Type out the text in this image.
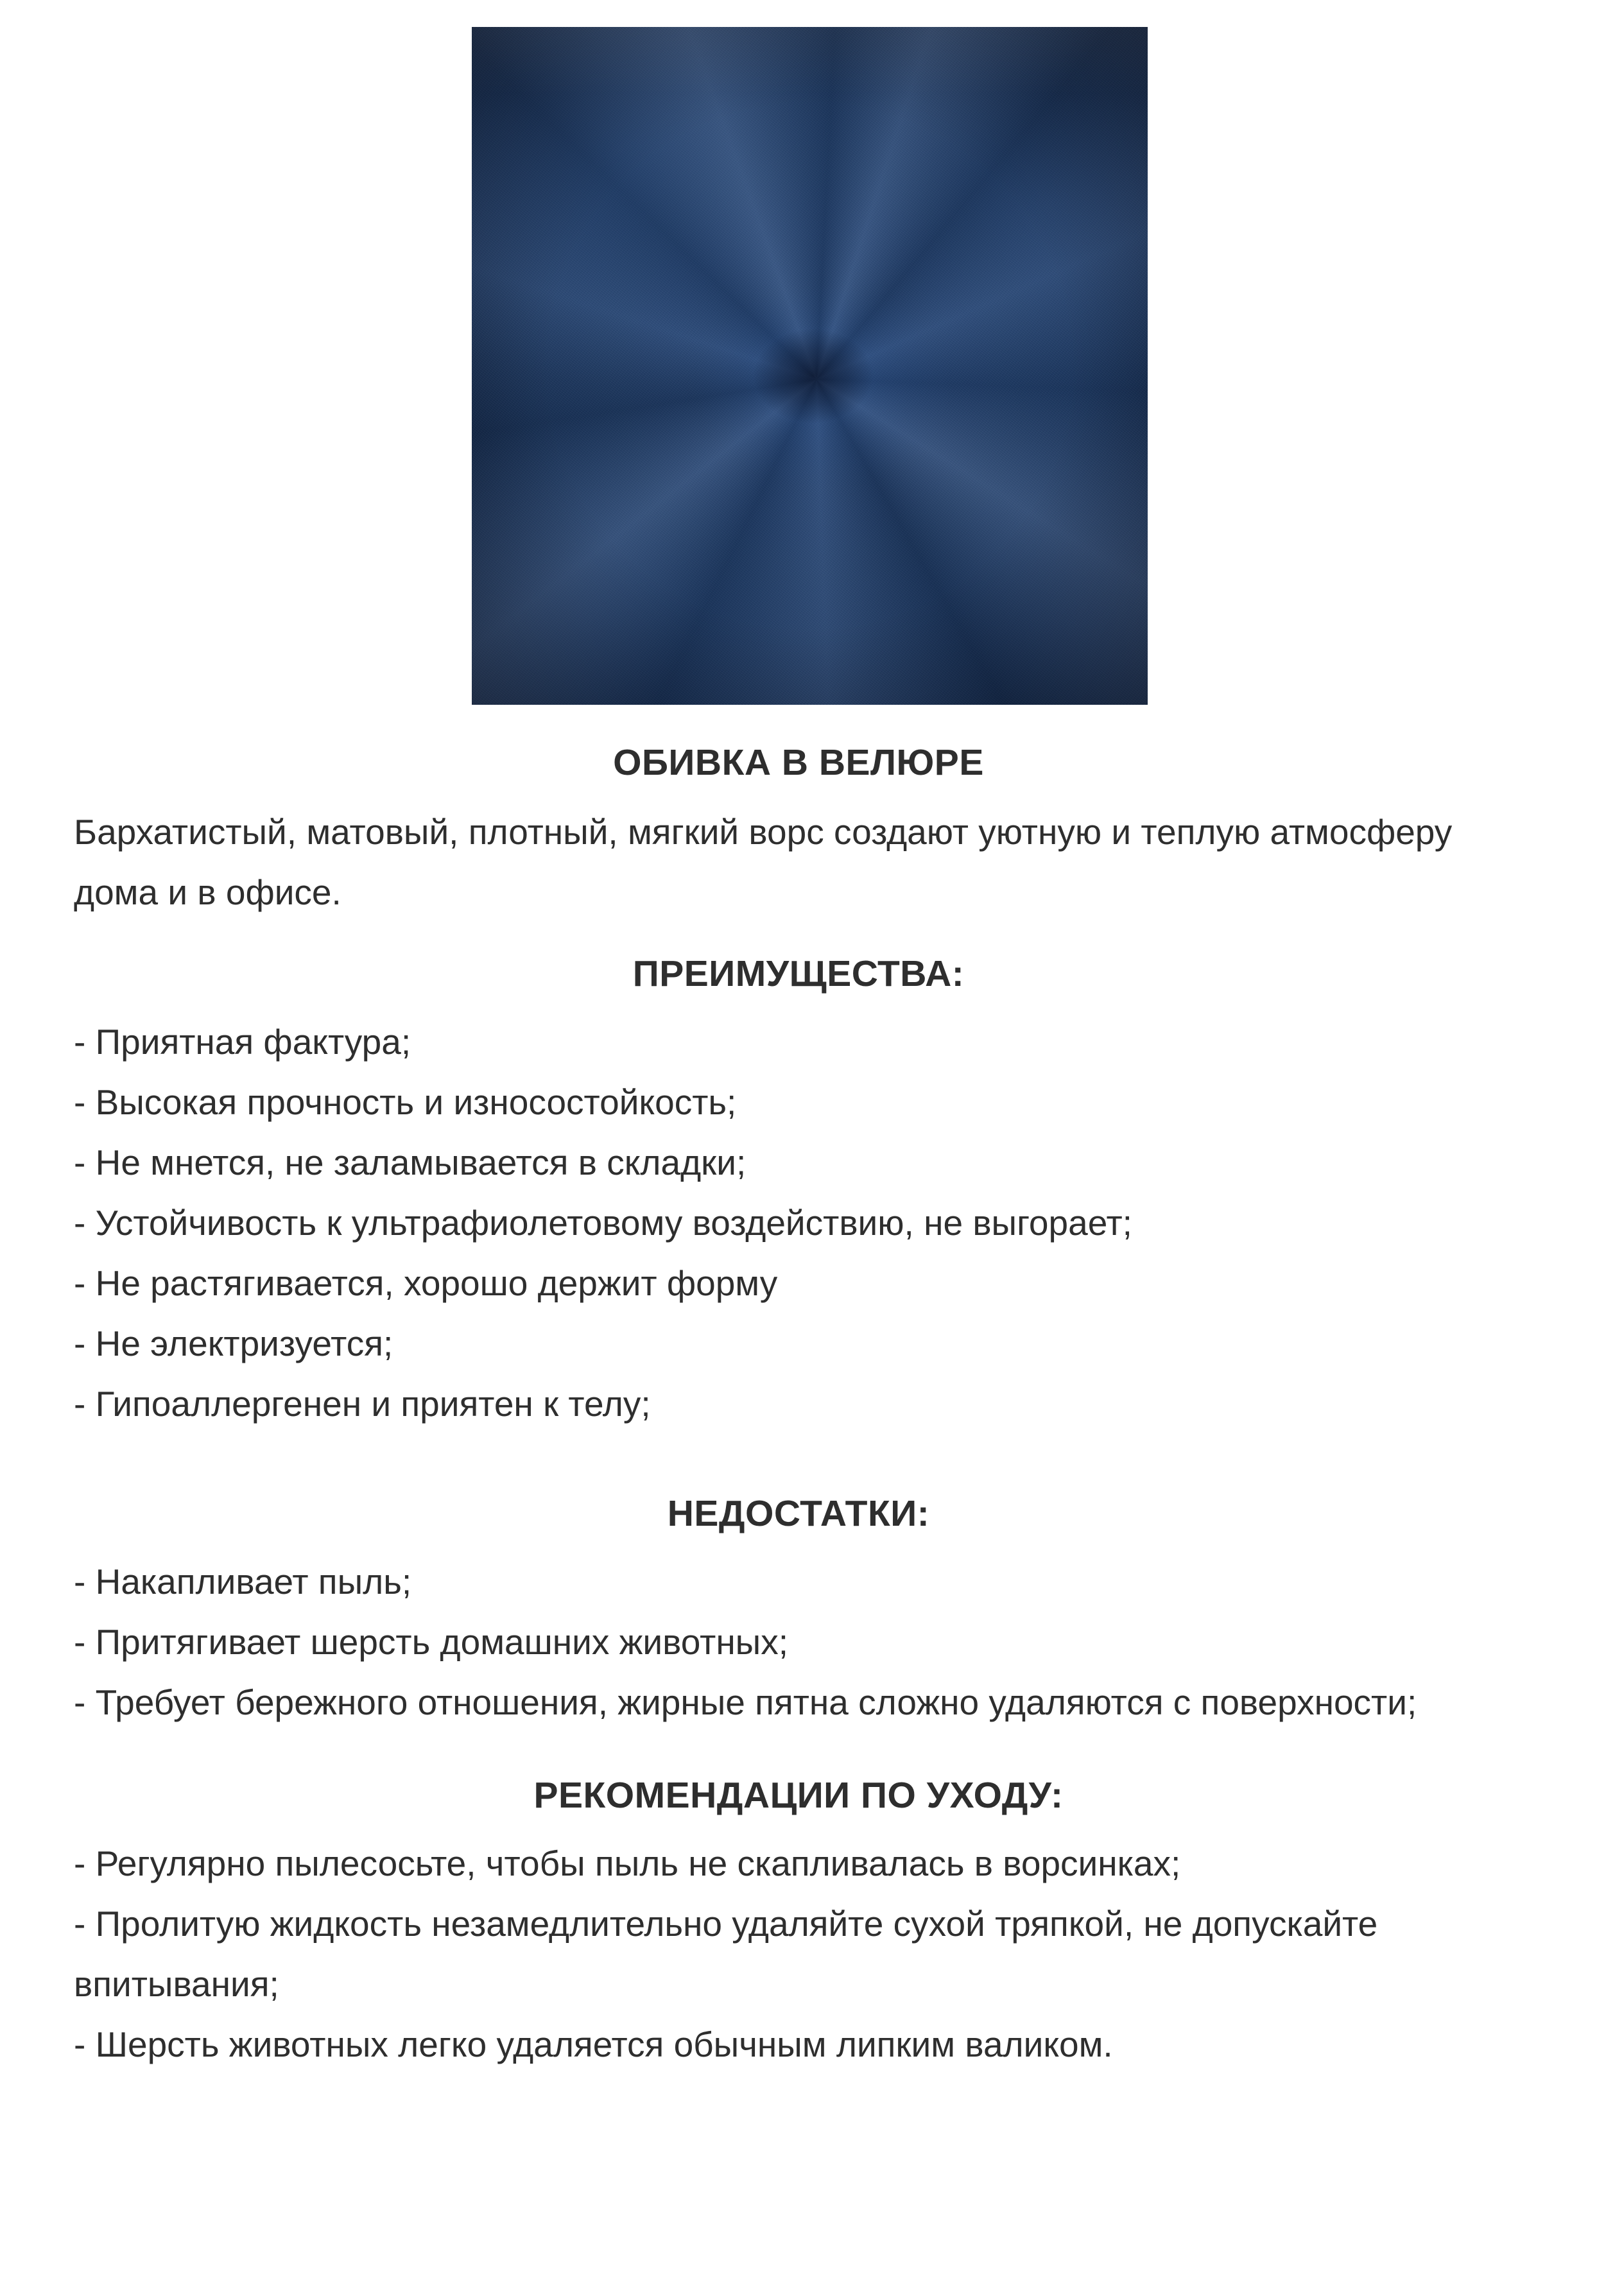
ОБИВКА В ВЕЛЮРЕ

Бархатистый, матовый, плотный, мягкий ворс создают уютную и теплую атмосферу дома и в офисе.

ПРЕИМУЩЕСТВА:
- Приятная фактура;
- Высокая прочность и износостойкость;
- Не мнется, не заламывается в складки;
- Устойчивость к ультрафиолетовому воздействию, не выгорает;
- Не растягивается, хорошо держит форму
- Не электризуется;
- Гипоаллергенен и приятен к телу;
НЕДОСТАТКИ:
- Накапливает пыль;
- Притягивает шерсть домашних животных;
- Требует бережного отношения, жирные пятна сложно удаляются с поверхности;
РЕКОМЕНДАЦИИ ПО УХОДУ:
- Регулярно пылесосьте, чтобы пыль не скапливалась в ворсинках;
- Пролитую жидкость незамедлительно удаляйте сухой тряпкой, не допускайте впитывания;
- Шерсть животных легко удаляется обычным липким валиком.
